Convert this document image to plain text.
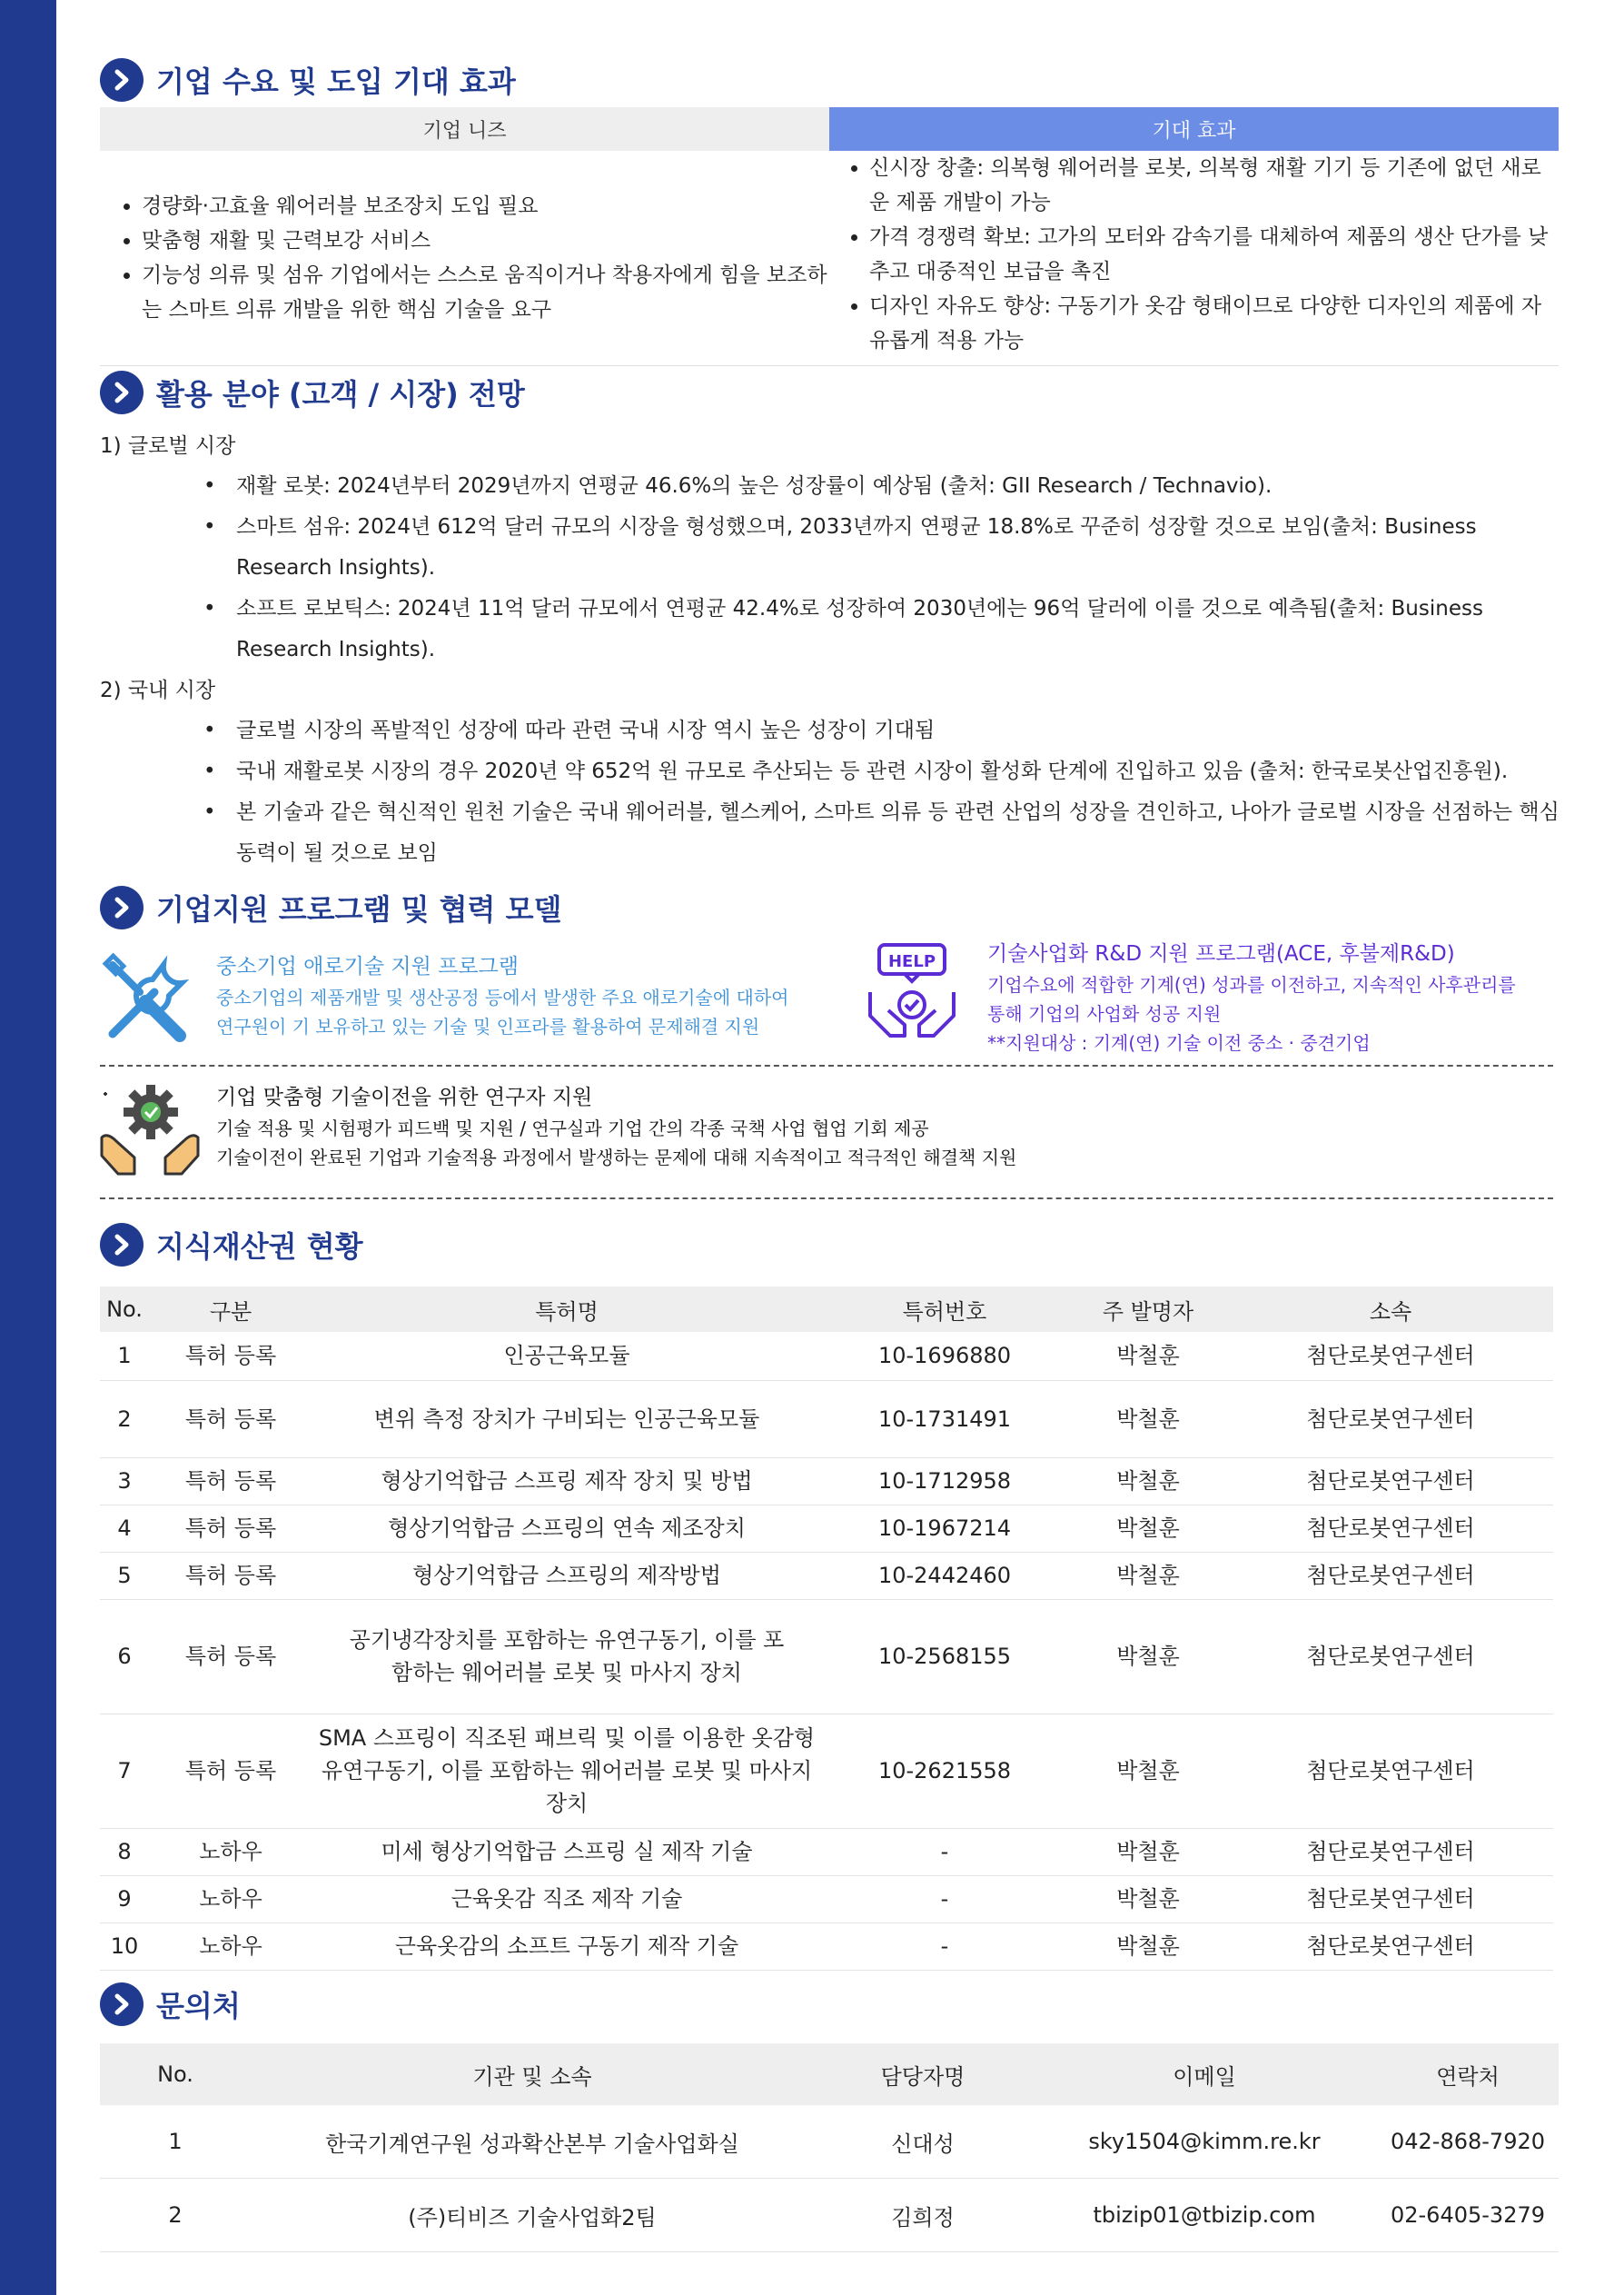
기업 수요 및 도입 기대 효과
기업 니즈	기대 효과
• 경량화·고효율 웨어러블 보조장치 도입 필요
• 맞춤형 재활 및 근력보강 서비스
• 기능성 의류 및 섬유 기업에서는 스스로 움직이거나 착용자에게 힘을 보조하는 스마트 의류 개발을 위한 핵심 기술을 요구
• 신시장 창출: 의복형 웨어러블 로봇, 의복형 재활 기기 등 기존에 없던 새로운 제품 개발이 가능
• 가격 경쟁력 확보: 고가의 모터와 감속기를 대체하여 제품의 생산 단가를 낮추고 대중적인 보급을 촉진
• 디자인 자유도 향상: 구동기가 옷감 형태이므로 다양한 디자인의 제품에 자유롭게 적용 가능
활용 분야 (고객 / 시장) 전망

1) 글로벌 시장

• 재활 로봇: 2024년부터 2029년까지 연평균 46.6%의 높은 성장률이 예상됨 (출처: GII Research / Technavio).
• 스마트 섬유: 2024년 612억 달러 규모의 시장을 형성했으며, 2033년까지 연평균 18.8%로 꾸준히 성장할 것으로 보임(출처: Business Research Insights).
• 소프트 로보틱스: 2024년 11억 달러 규모에서 연평균 42.4%로 성장하여 2030년에는 96억 달러에 이를 것으로 예측됨(출처: Business Research Insights).

2) 국내 시장

• 글로벌 시장의 폭발적인 성장에 따라 관련 국내 시장 역시 높은 성장이 기대됨
• 국내 재활로봇 시장의 경우 2020년 약 652억 원 규모로 추산되는 등 관련 시장이 활성화 단계에 진입하고 있음 (출처: 한국로봇산업진흥원).
• 본 기술과 같은 혁신적인 원천 기술은 국내 웨어러블, 헬스케어, 스마트 의류 등 관련 산업의 성장을 견인하고, 나아가 글로벌 시장을 선점하는 핵심 동력이 될 것으로 보임
기업지원 프로그램 및 협력 모델
중소기업 애로기술 지원 프로그램
중소기업의 제품개발 및 생산공정 등에서 발생한 주요 애로기술에 대하여
연구원이 기 보유하고 있는 기술 및 인프라를 활용하여 문제해결 지원
HELP 기술사업화 R&D 지원 프로그램(ACE, 후불제R&D)
기업수요에 적합한 기계(연) 성과를 이전하고, 지속적인 사후관리를
통해 기업의 사업화 성공 지원
**지원대상 : 기계(연) 기술 이전 중소 · 중견기업
기업 맞춤형 기술이전을 위한 연구자 지원
기술 적용 및 시험평가 피드백 및 지원 / 연구실과 기업 간의 각종 국책 사업 협업 기회 제공
기술이전이 완료된 기업과 기술적용 과정에서 발생하는 문제에 대해 지속적이고 적극적인 해결책 지원
지식재산권 현황
No.	구분	특허명	특허번호	주 발명자	소속
1	특허 등록	인공근육모듈	10-1696880	박철훈	첨단로봇연구센터
2	특허 등록	변위 측정 장치가 구비되는 인공근육모듈	10-1731491	박철훈	첨단로봇연구센터
3	특허 등록	형상기억합금 스프링 제작 장치 및 방법	10-1712958	박철훈	첨단로봇연구센터
4	특허 등록	형상기억합금 스프링의 연속 제조장치	10-1967214	박철훈	첨단로봇연구센터
5	특허 등록	형상기억합금 스프링의 제작방법	10-2442460	박철훈	첨단로봇연구센터
6	특허 등록	공기냉각장치를 포함하는 유연구동기, 이를 포함하는 웨어러블 로봇 및 마사지 장치	10-2568155	박철훈	첨단로봇연구센터
7	특허 등록	SMA 스프링이 직조된 패브릭 및 이를 이용한 옷감형 유연구동기, 이를 포함하는 웨어러블 로봇 및 마사지 장치	10-2621558	박철훈	첨단로봇연구센터
8	노하우	미세 형상기억합금 스프링 실 제작 기술	-	박철훈	첨단로봇연구센터
9	노하우	근육옷감 직조 제작 기술	-	박철훈	첨단로봇연구센터
10	노하우	근육옷감의 소프트 구동기 제작 기술	-	박철훈	첨단로봇연구센터
문의처
No.	기관 및 소속	담당자명	이메일	연락처
1	한국기계연구원 성과확산본부 기술사업화실	신대성	sky1504@kimm.re.kr	042-868-7920
2	(주)티비즈 기술사업화2팀	김희정	tbizip01@tbizip.com	02-6405-3279
